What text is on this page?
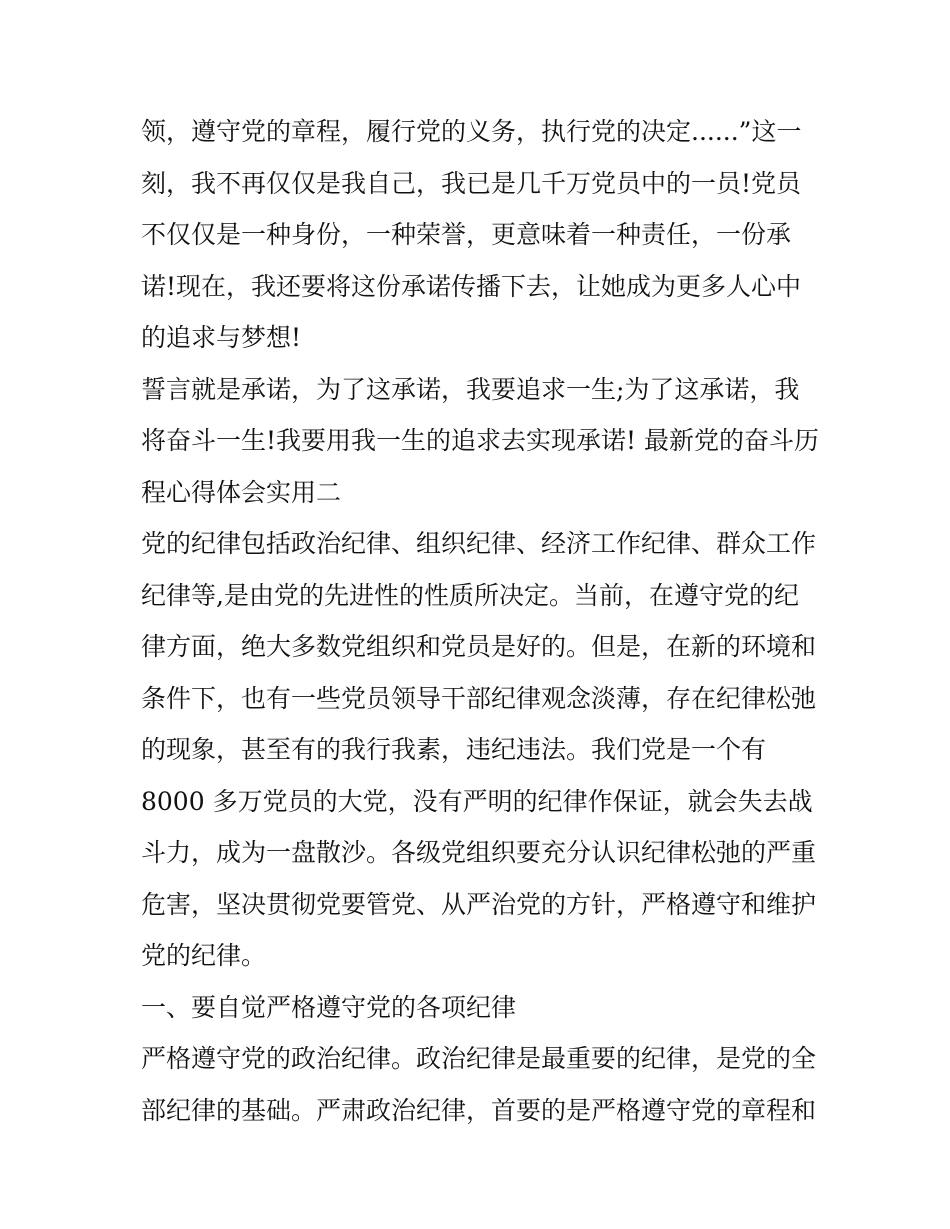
领，遵守党的章程，履行党的义务，执行党的决定......”这一
刻，我不再仅仅是我自己，我已是几千万党员中的一员!党员
不仅仅是一种身份，一种荣誉，更意味着一种责任，一份承
诺!现在，我还要将这份承诺传播下去，让她成为更多人心中
的追求与梦想!
誓言就是承诺，为了这承诺，我要追求一生;为了这承诺，我
将奋斗一生!我要用我一生的追求去实现承诺! 最新党的奋斗历
程心得体会实用二
党的纪律包括政治纪律、组织纪律、经济工作纪律、群众工作
纪律等,是由党的先进性的性质所决定。当前，在遵守党的纪
律方面，绝大多数党组织和党员是好的。但是，在新的环境和
条件下，也有一些党员领导干部纪律观念淡薄，存在纪律松弛
的现象，甚至有的我行我素，违纪违法。我们党是一个有
8000 多万党员的大党，没有严明的纪律作保证，就会失去战
斗力，成为一盘散沙。各级党组织要充分认识纪律松弛的严重
危害，坚决贯彻党要管党、从严治党的方针，严格遵守和维护
党的纪律。
一、要自觉严格遵守党的各项纪律
严格遵守党的政治纪律。政治纪律是最重要的纪律，是党的全
部纪律的基础。严肃政治纪律，首要的是严格遵守党的章程和
